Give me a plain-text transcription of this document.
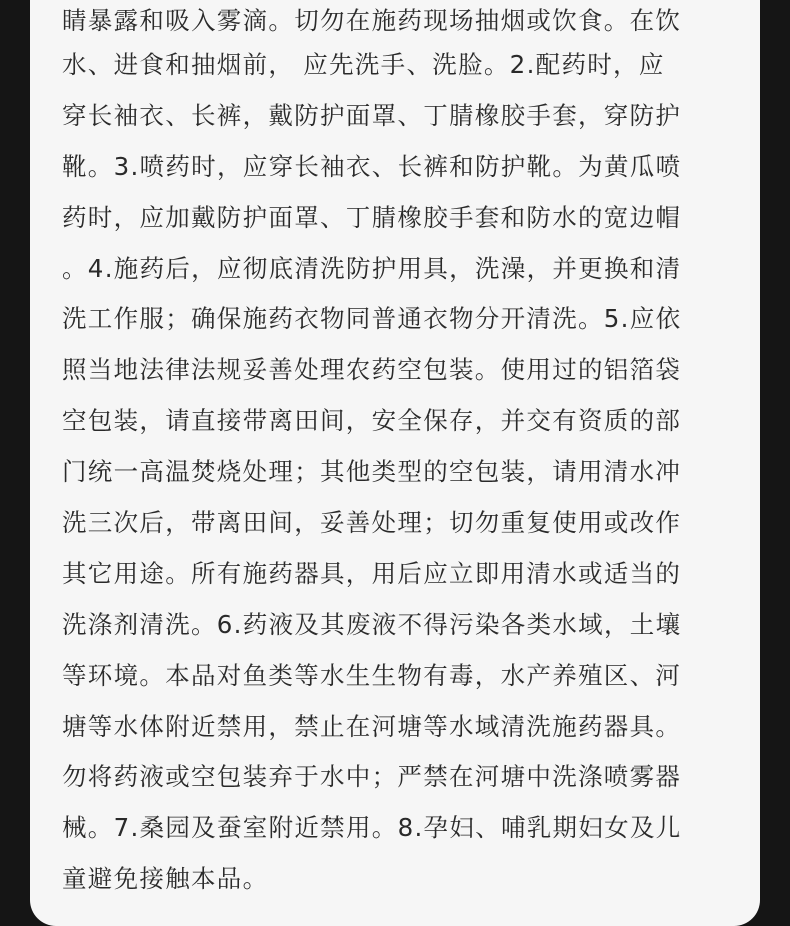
睛暴露和吸入雾滴。切勿在施药现场抽烟或饮食。在饮
水、进食和抽烟前， 应先洗手、洗脸。2.配药时，应
穿长袖衣、长裤，戴防护面罩、丁腈橡胶手套，穿防护
靴。3.喷药时，应穿长袖衣、长裤和防护靴。为黄瓜喷
药时，应加戴防护面罩、丁腈橡胶手套和防水的宽边帽
。4.施药后，应彻底清洗防护用具，洗澡，并更换和清
洗工作服；确保施药衣物同普通衣物分开清洗。5.应依
照当地法律法规妥善处理农药空包装。使用过的铝箔袋
空包装，请直接带离田间，安全保存，并交有资质的部
门统一高温焚烧处理；其他类型的空包装，请用清水冲
洗三次后，带离田间，妥善处理；切勿重复使用或改作
其它用途。所有施药器具，用后应立即用清水或适当的
洗涤剂清洗。6.药液及其废液不得污染各类水域，土壤
等环境。本品对鱼类等水生生物有毒，水产养殖区、河
塘等水体附近禁用，禁止在河塘等水域清洗施药器具。
勿将药液或空包装弃于水中；严禁在河塘中洗涤喷雾器
械。7.桑园及蚕室附近禁用。8.孕妇、哺乳期妇女及儿
童避免接触本品。
